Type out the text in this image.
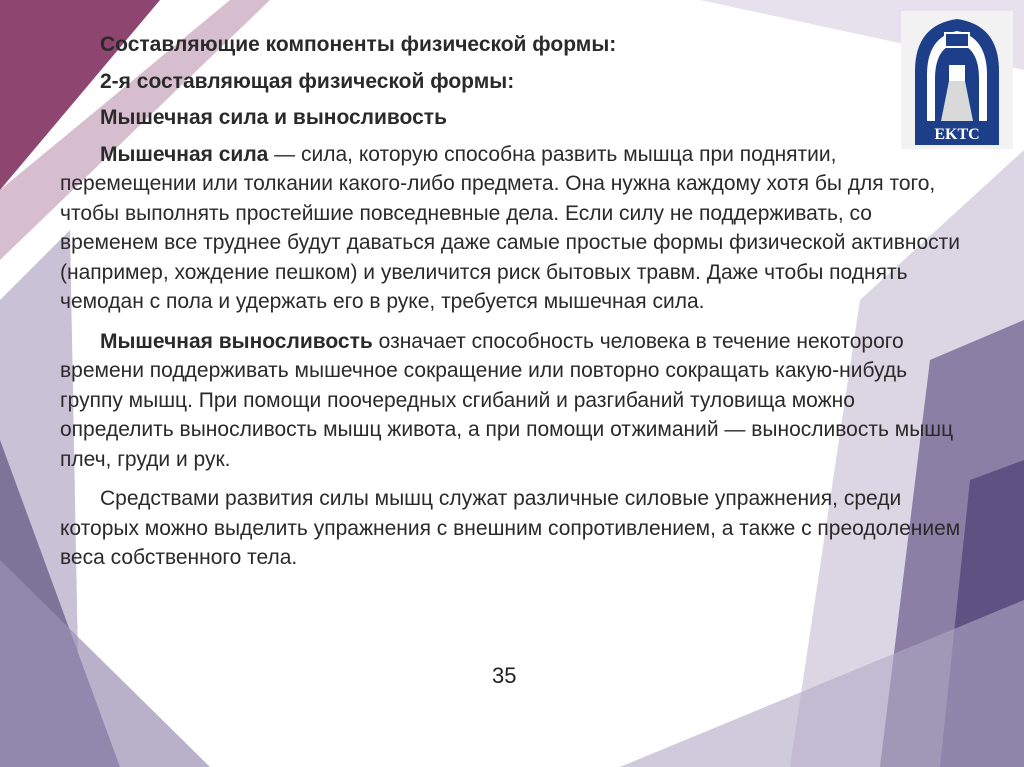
EKTC
Составляющие компоненты физической формы:
2-я составляющая физической формы:
Мышечная сила и выносливость

Мышечная сила — сила, которую способна развить мышца при поднятии, перемещении или толкании какого-либо предмета. Она нужна каждому хотя бы для того, чтобы выполнять простейшие повседневные дела. Если силу не поддерживать, со временем все труднее будут даваться даже самые простые формы физической активности (например, хождение пешком) и увеличится риск бытовых травм. Даже чтобы поднять чемодан с пола и удержать его в руке, требуется мышечная сила.

Мышечная выносливость означает способность человека в течение некоторого времени поддерживать мышечное сокращение или повторно сокращать какую-нибудь группу мышц. При помощи поочередных сгибаний и разгибаний туловища можно определить выносливость мышц живота, а при помощи отжиманий — выносливость мышц плеч, груди и рук.

Средствами развития силы мышц служат различные силовые упражнения, среди которых можно выделить упражнения с внешним сопротивлением, а также с преодолением веса собственного тела.

35
